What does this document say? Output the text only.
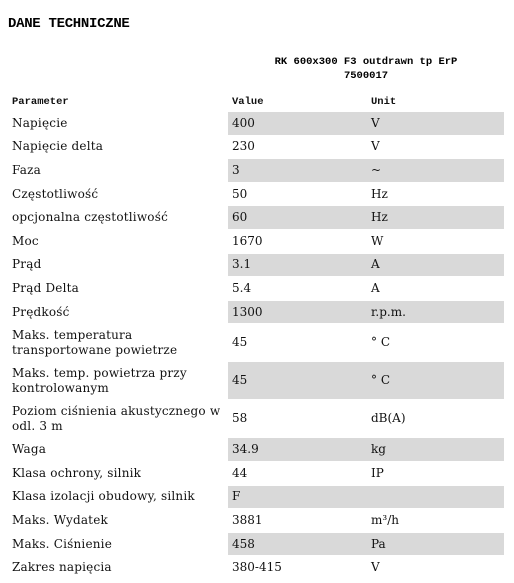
DANE TECHNICZNE
RK 600x300 F3 outdrawn tp ErP
7500017
Parameter	Value	Unit
Napięcie	400	V
Napięcie delta	230	V
Faza	3	~
Częstotliwość	50	Hz
opcjonalna częstotliwość	60	Hz
Moc	1670	W
Prąd	3.1	A
Prąd Delta	5.4	A
Prędkość	1300	r.p.m.
Maks. temperatura transportowane powietrze	45	° C
Maks. temp. powietrza przy kontrolowanym	45	° C
Poziom ciśnienia akustycznego w odl. 3 m	58	dB(A)
Waga	34.9	kg
Klasa ochrony, silnik	44	IP
Klasa izolacji obudowy, silnik	F	
Maks. Wydatek	3881	m³/h
Maks. Ciśnienie	458	Pa
Zakres napięcia	380-415	V
